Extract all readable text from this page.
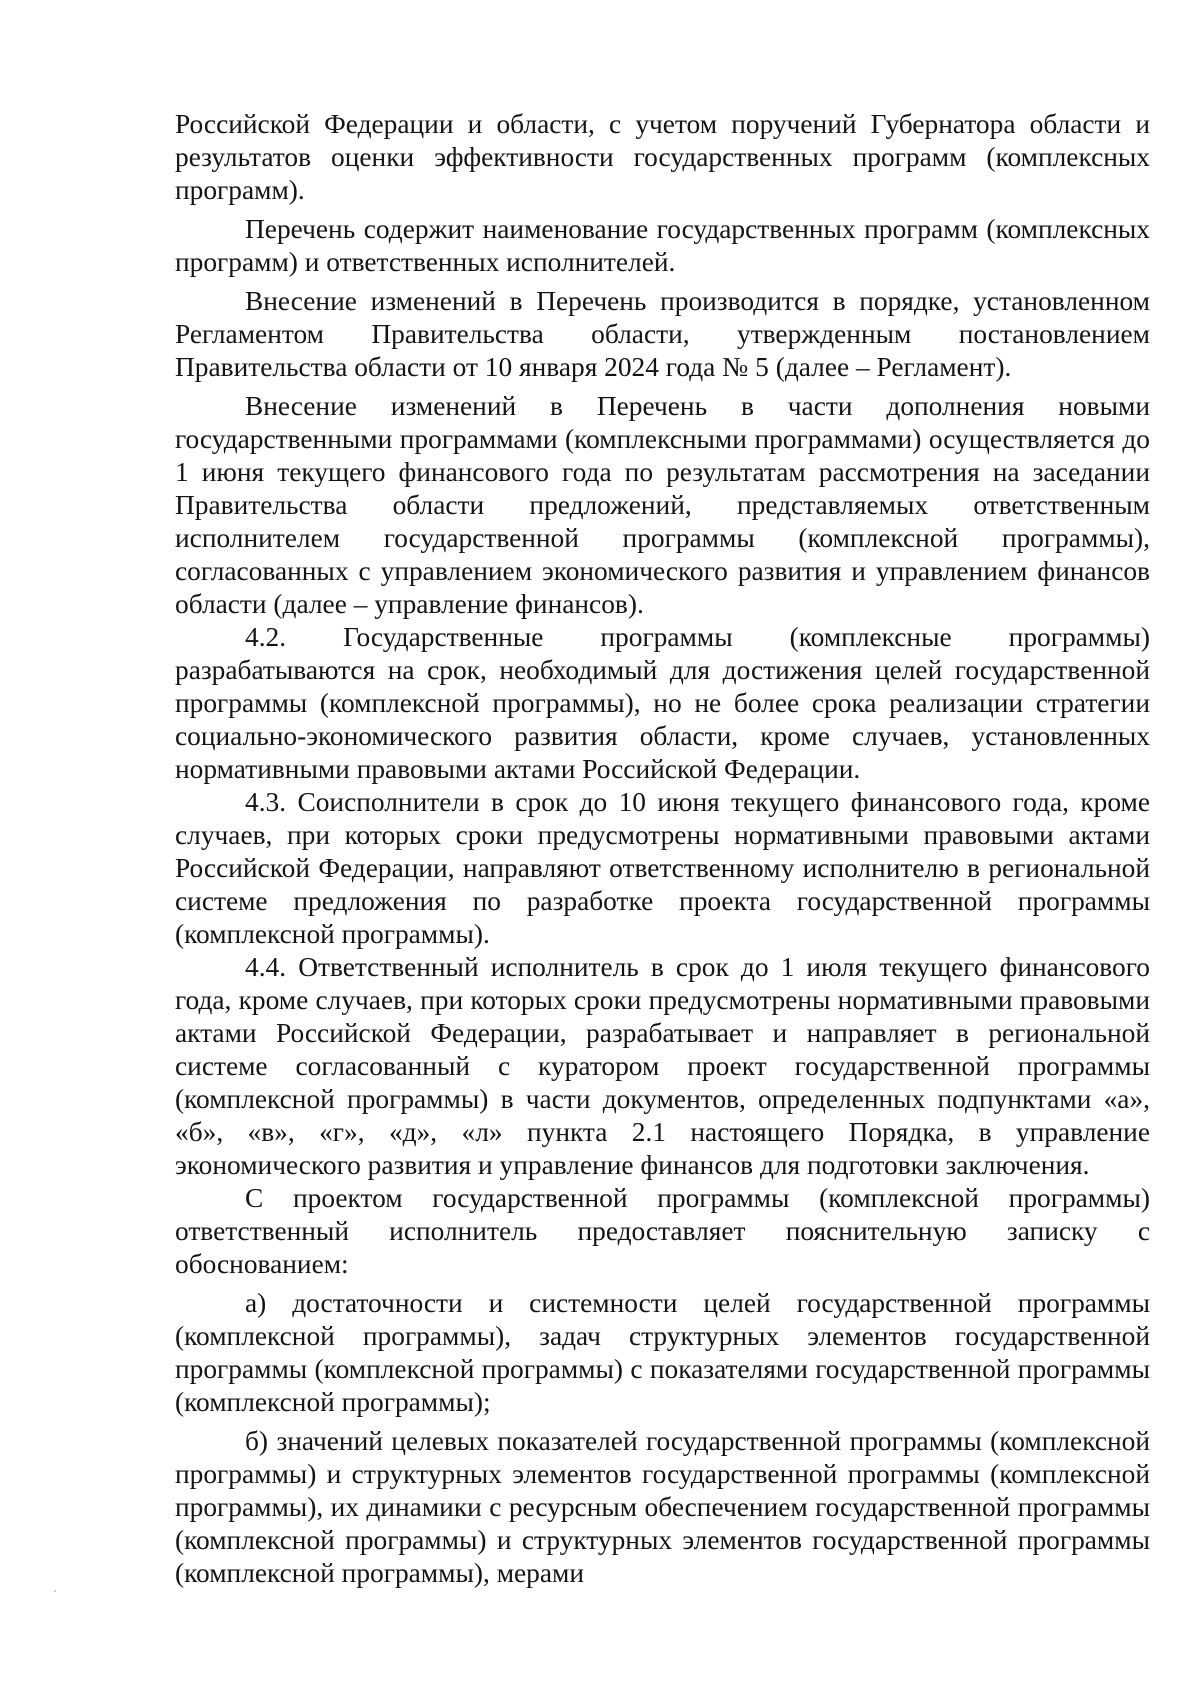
Российской Федерации и области, с учетом поручений Губернатора области и результатов оценки эффективности государственных программ (комплексных программ).

Перечень содержит наименование государственных программ (комплексных программ) и ответственных исполнителей.

Внесение изменений в Перечень производится в порядке, установленном Регламентом Правительства области, утвержденным постановлением Правительства области от 10 января 2024 года № 5 (далее – Регламент).

Внесение изменений в Перечень в части дополнения новыми государственными программами (комплексными программами) осуществляется до 1 июня текущего финансового года по результатам рассмотрения на заседании Правительства области предложений, представляемых ответственным исполнителем государственной программы (комплексной программы), согласованных с управлением экономического развития и управлением финансов области (далее – управление финансов).

4.2. Государственные программы (комплексные программы) разрабатываются на срок, необходимый для достижения целей государственной программы (комплексной программы), но не более срока реализации стратегии социально-экономического развития области, кроме случаев, установленных нормативными правовыми актами Российской Федерации.

4.3. Соисполнители в срок до 10 июня текущего финансового года, кроме случаев, при которых сроки предусмотрены нормативными правовыми актами Российской Федерации, направляют ответственному исполнителю в региональной системе предложения по разработке проекта государственной программы (комплексной программы).

4.4. Ответственный исполнитель в срок до 1 июля текущего финансового года, кроме случаев, при которых сроки предусмотрены нормативными правовыми актами Российской Федерации, разрабатывает и направляет в региональной системе согласованный с куратором проект государственной программы (комплексной программы) в части документов, определенных подпунктами «а», «б», «в», «г», «д», «л» пункта 2.1 настоящего Порядка, в управление экономического развития и управление финансов для подготовки заключения.

С проектом государственной программы (комплексной программы) ответственный исполнитель предоставляет пояснительную записку с обоснованием:

а) достаточности и системности целей государственной программы (комплексной программы), задач структурных элементов государственной программы (комплексной программы) с показателями государственной программы (комплексной программы);

б) значений целевых показателей государственной программы (комплексной программы) и структурных элементов государственной программы (комплексной программы), их динамики с ресурсным обеспечением государственной программы (комплексной программы) и структурных элементов государственной программы (комплексной программы), мерами
